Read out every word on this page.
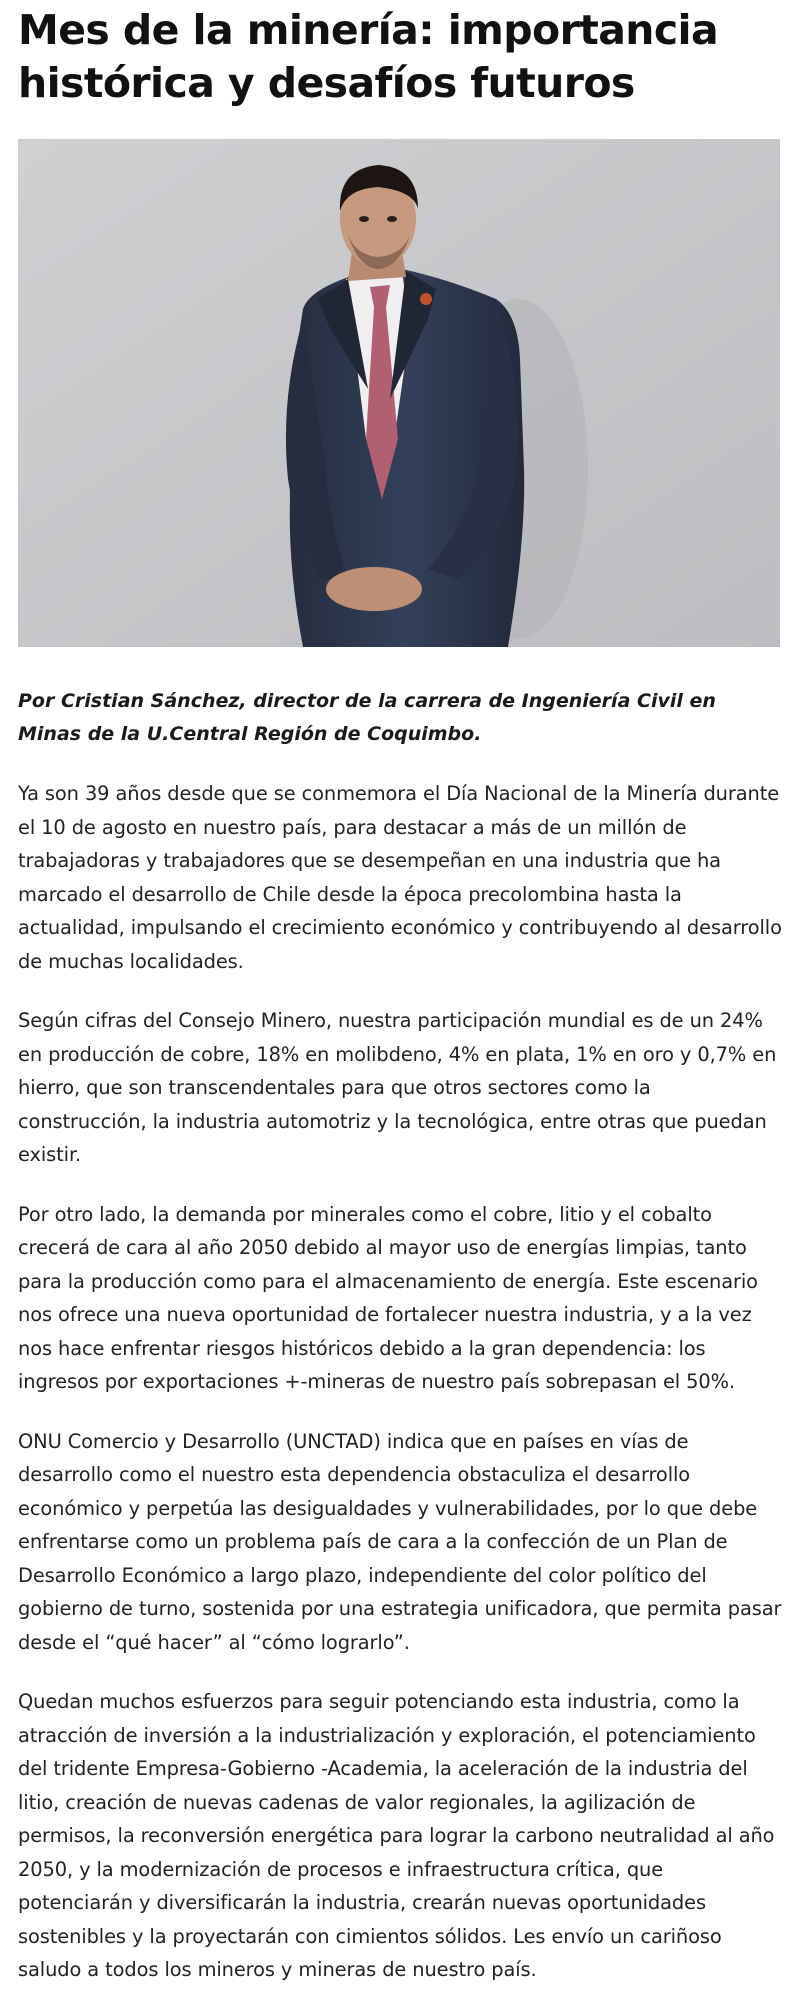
Mes de la minería: importancia histórica y desafíos futuros

Por Cristian Sánchez, director de la carrera de Ingeniería Civil en Minas de la U.Central Región de Coquimbo.

Ya son 39 años desde que se conmemora el Día Nacional de la Minería durante el 10 de agosto en nuestro país, para destacar a más de un millón de trabajadoras y trabajadores que se desempeñan en una industria que ha marcado el desarrollo de Chile desde la época precolombina hasta la actualidad, impulsando el crecimiento económico y contribuyendo al desarrollo de muchas localidades.

Según cifras del Consejo Minero, nuestra participación mundial es de un 24% en producción de cobre, 18% en molibdeno, 4% en plata, 1% en oro y 0,7% en hierro, que son transcendentales para que otros sectores como la construcción, la industria automotriz y la tecnológica, entre otras que puedan existir.

Por otro lado, la demanda por minerales como el cobre, litio y el cobalto crecerá de cara al año 2050 debido al mayor uso de energías limpias, tanto para la producción como para el almacenamiento de energía. Este escenario nos ofrece una nueva oportunidad de fortalecer nuestra industria, y a la vez nos hace enfrentar riesgos históricos debido a la gran dependencia: los ingresos por exportaciones +-mineras de nuestro país sobrepasan el 50%.

ONU Comercio y Desarrollo (UNCTAD) indica que en países en vías de desarrollo como el nuestro esta dependencia obstaculiza el desarrollo económico y perpetúa las desigualdades y vulnerabilidades, por lo que debe enfrentarse como un problema país de cara a la confección de un Plan de Desarrollo Económico a largo plazo, independiente del color político del gobierno de turno, sostenida por una estrategia unificadora, que permita pasar desde el “qué hacer” al “cómo lograrlo”.

Quedan muchos esfuerzos para seguir potenciando esta industria, como la atracción de inversión a la industrialización y exploración, el potenciamiento del tridente Empresa-Gobierno -Academia, la aceleración de la industria del litio, creación de nuevas cadenas de valor regionales, la agilización de permisos, la reconversión energética para lograr la carbono neutralidad al año 2050, y la modernización de procesos e infraestructura crítica, que potenciarán y diversificarán la industria, crearán nuevas oportunidades sostenibles y la proyectarán con cimientos sólidos. Les envío un cariñoso saludo a todos los mineros y mineras de nuestro país.
